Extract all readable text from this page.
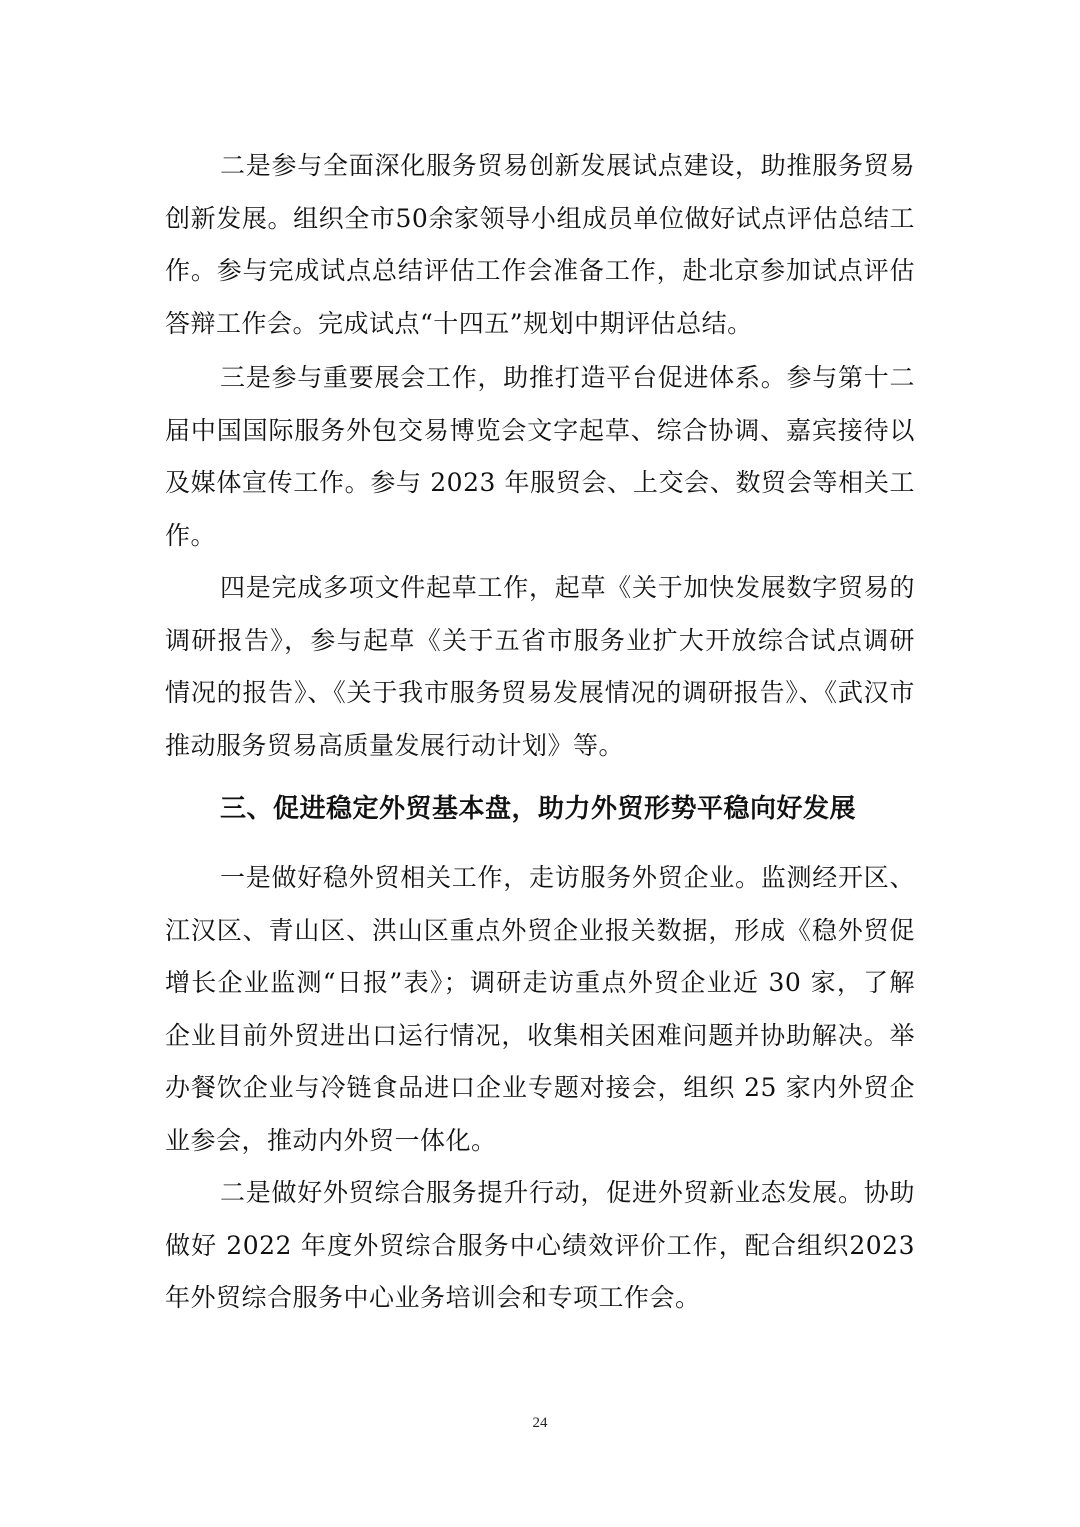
二是参与全面深化服务贸易创新发展试点建设，助推服务贸易创新发展。组织全市50余家领导小组成员单位做好试点评估总结工作。参与完成试点总结评估工作会准备工作，赴北京参加试点评估答辩工作会。完成试点“十四五”规划中期评估总结。

三是参与重要展会工作，助推打造平台促进体系。参与第十二届中国国际服务外包交易博览会文字起草、综合协调、嘉宾接待以及媒体宣传工作。参与 2023 年服贸会、上交会、数贸会等相关工作。

四是完成多项文件起草工作，起草《关于加快发展数字贸易的调研报告》，参与起草《关于五省市服务业扩大开放综合试点调研情况的报告》、《关于我市服务贸易发展情况的调研报告》、《武汉市推动服务贸易高质量发展行动计划》等。

三、促进稳定外贸基本盘，助力外贸形势平稳向好发展

一是做好稳外贸相关工作，走访服务外贸企业。监测经开区、江汉区、青山区、洪山区重点外贸企业报关数据，形成《稳外贸促增长企业监测“日报”表》；调研走访重点外贸企业近 30 家，了解企业目前外贸进出口运行情况，收集相关困难问题并协助解决。举办餐饮企业与冷链食品进口企业专题对接会，组织 25 家内外贸企业参会，推动内外贸一体化。

二是做好外贸综合服务提升行动，促进外贸新业态发展。协助做好 2022 年度外贸综合服务中心绩效评价工作，配合组织2023 年外贸综合服务中心业务培训会和专项工作会。

24
